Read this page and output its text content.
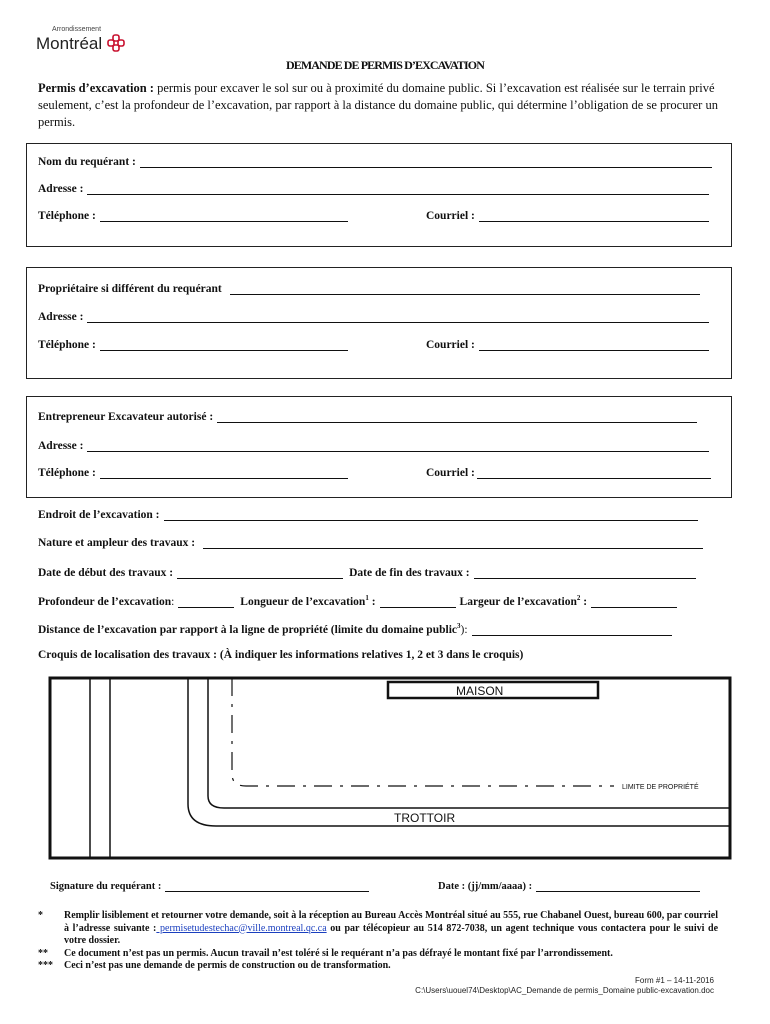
Arrondissement
Montréal
DEMANDE DE PERMIS D’EXCAVATION
Permis d’excavation : permis pour excaver le sol sur ou à proximité du domaine public. Si l’excavation est réalisée sur le terrain privé seulement, c’est la profondeur de l’excavation, par rapport à la distance du domaine public, qui détermine l’obligation de se procurer un permis.
Nom du requérant :
Adresse :
Téléphone :	Courriel :
Propriétaire si différent du requérant
Adresse :
Téléphone :	Courriel :
Entrepreneur Excavateur autorisé :
Adresse :
Téléphone :	Courriel :
Endroit de l’excavation :
Nature et ampleur des travaux :
Date de début des travaux :	Date de fin des travaux :
Profondeur de l’excavation :	Longueur de l’excavation$^1$ :	Largeur de l’excavation$^2$ :
Distance de l’excavation par rapport à la ligne de propriété (limite du domaine public$^3$):
Croquis de localisation des travaux : (À indiquer les informations relatives 1, 2 et 3 dans le croquis)
MAISON
LIMITE DE PROPRIÉTÉ
TROTTOIR
Signature du requérant :	Date : (jj/mm/aaaa) :
*	Remplir lisiblement et retourner votre demande, soit à la réception au Bureau Accès Montréal situé au 555, rue Chabanel Ouest, bureau 600, par courriel à l’adresse suivante : permisetudestechac@ville.montreal.qc.ca ou par télécopieur au 514 872-7038, un agent technique vous contactera pour le suivi de votre dossier.
**	Ce document n’est pas un permis. Aucun travail n’est toléré si le requérant n’a pas défrayé le montant fixé par l’arrondissement.
***	Ceci n’est pas une demande de permis de construction ou de transformation.
Form #1 – 14-11-2016
C:\Users\uouel74\Desktop\AC_Demande de permis_Domaine public-excavation.doc
